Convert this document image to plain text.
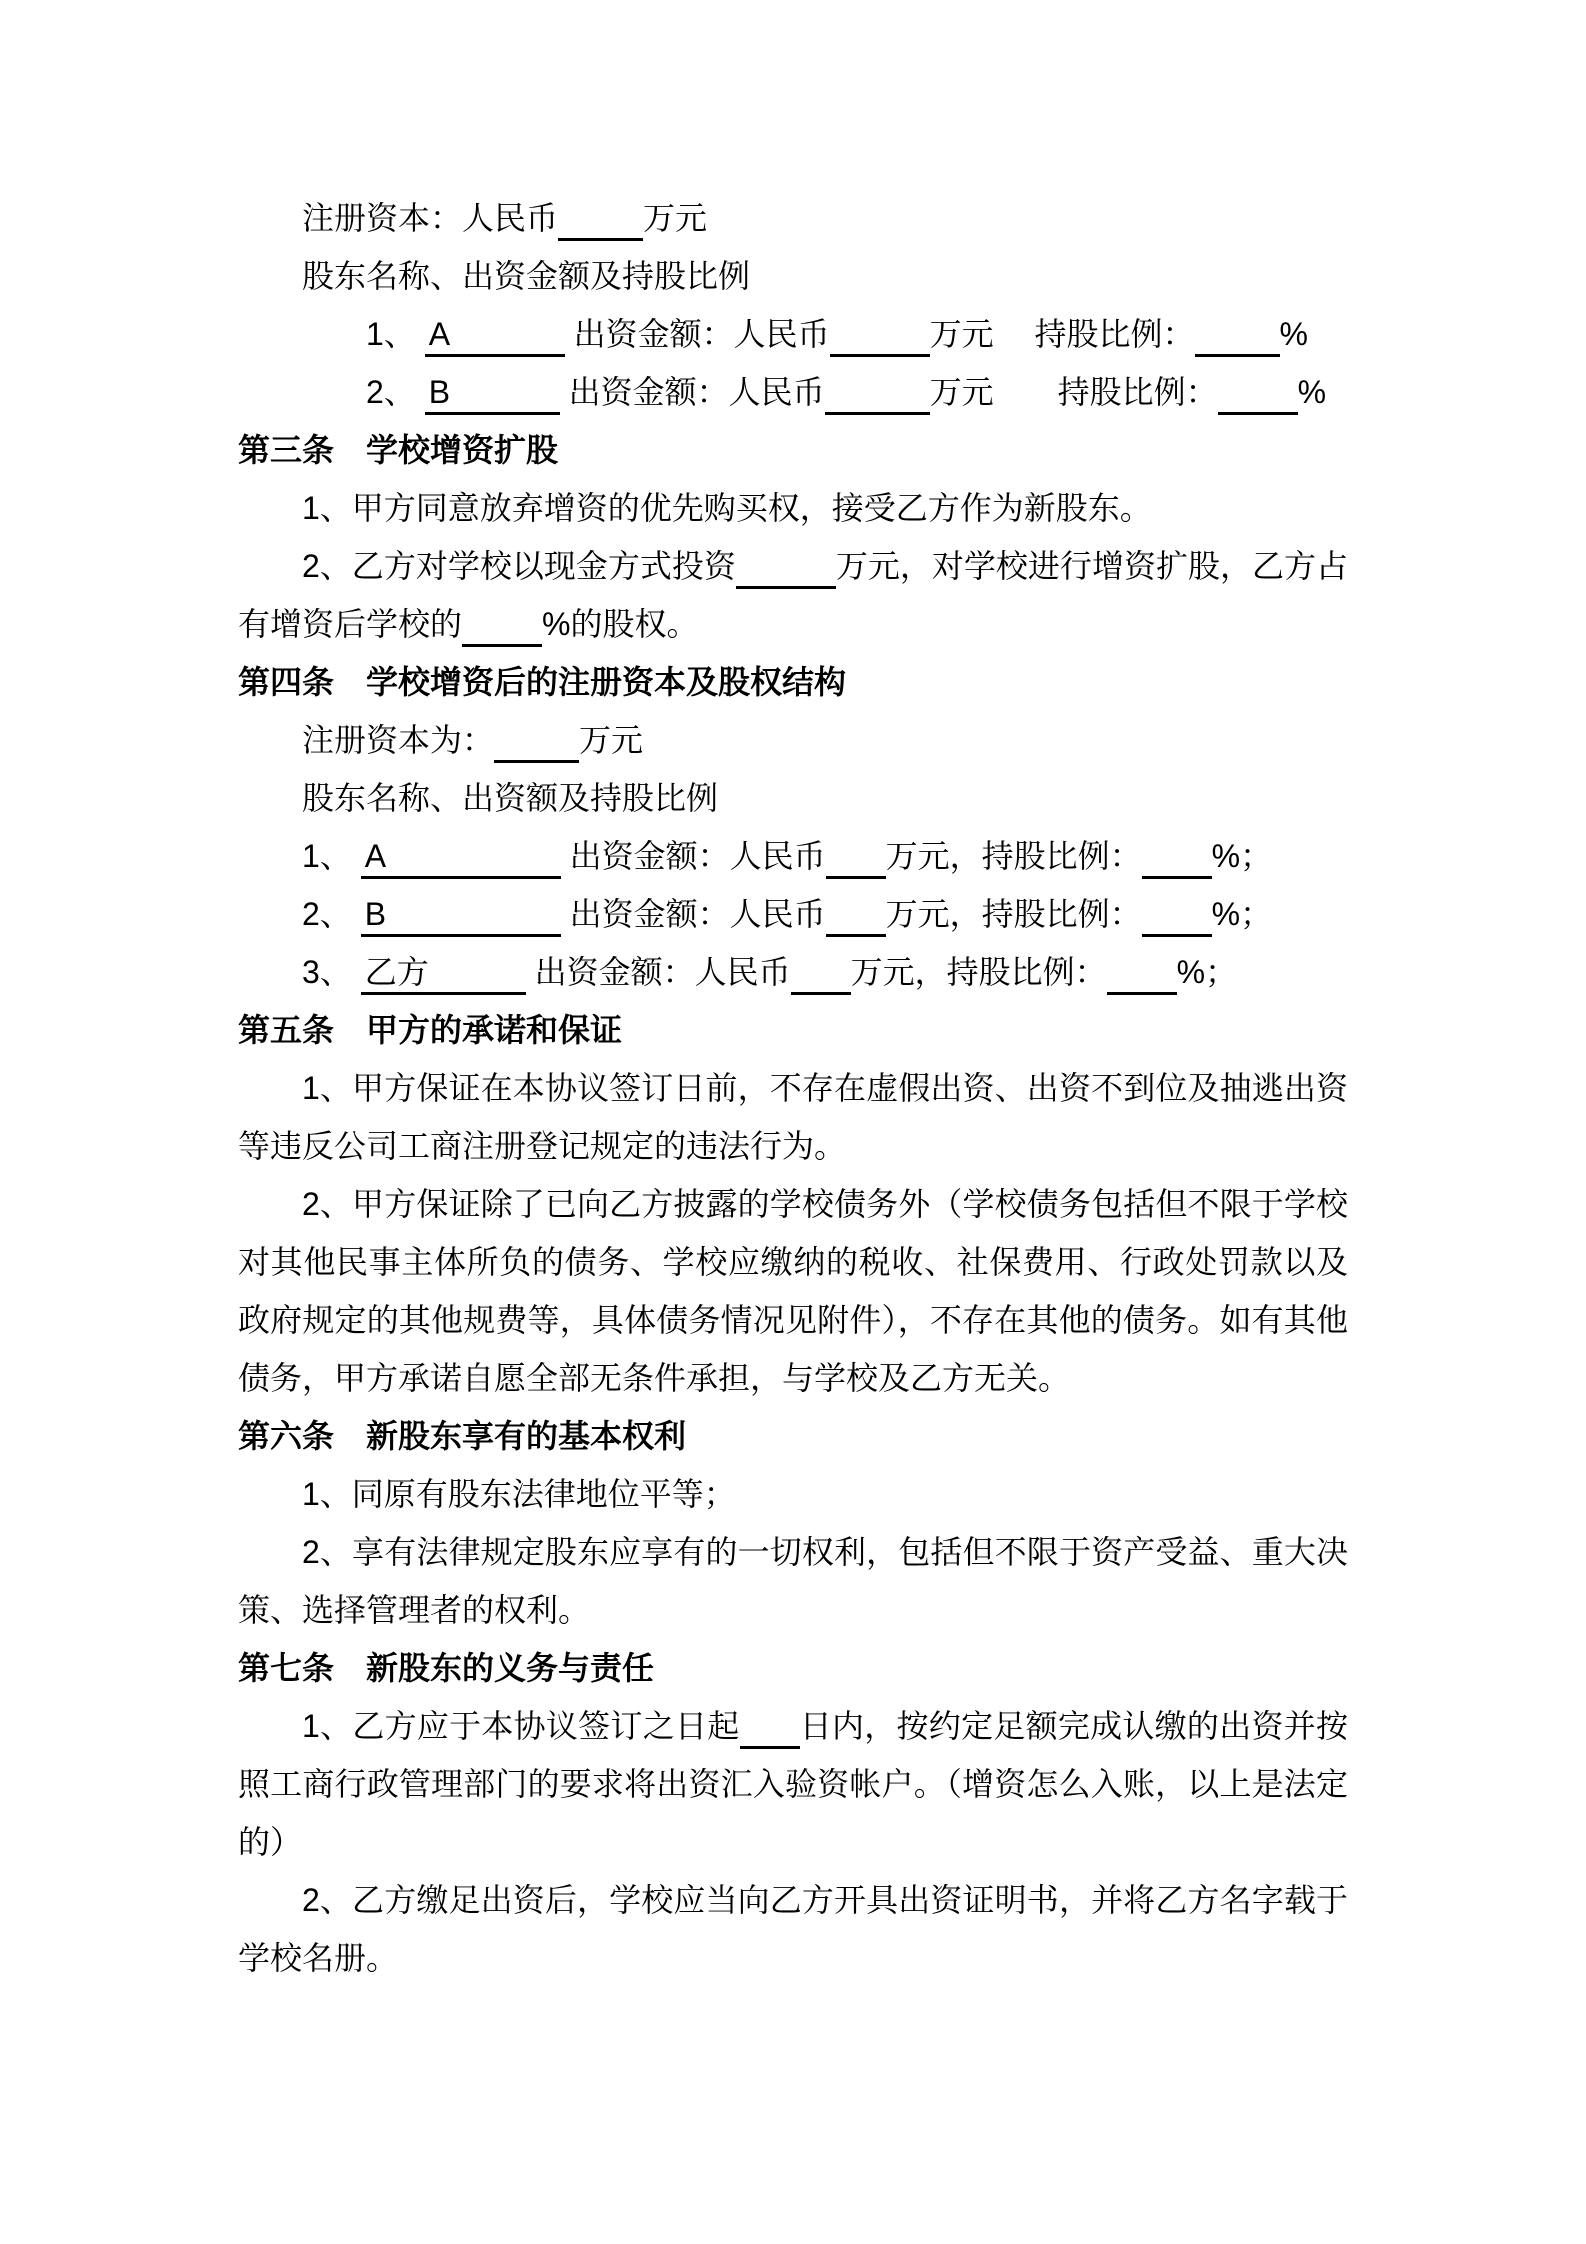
注册资本：人民币	万元

股东名称、出资金额及持股比例

1、 A	出资金额：人民币	万元　 持股比例：	%

2、 B	出资金额：人民币	万元　　持股比例：	%

第三条　学校增资扩股

1、甲方同意放弃增资的优先购买权，接受乙方作为新股东。

2、乙方对学校以现金方式投资	万元，对学校进行增资扩股，乙方占有增资后学校的	%的股权。

第四条　学校增资后的注册资本及股权结构

注册资本为：	万元

股东名称、出资额及持股比例

1、 A	出资金额：人民币 万元，持股比例： %；

2、 B	出资金额：人民币 万元，持股比例： %；

3、 乙方	出资金额：人民币 万元，持股比例： %；

第五条　甲方的承诺和保证

1、甲方保证在本协议签订日前，不存在虚假出资、出资不到位及抽逃出资等违反公司工商注册登记规定的违法行为。

2、甲方保证除了已向乙方披露的学校债务外（学校债务包括但不限于学校对其他民事主体所负的债务、学校应缴纳的税收、社保费用、行政处罚款以及政府规定的其他规费等，具体债务情况见附件），不存在其他的债务。如有其他债务，甲方承诺自愿全部无条件承担，与学校及乙方无关。

第六条　新股东享有的基本权利

1、同原有股东法律地位平等；

2、享有法律规定股东应享有的一切权利，包括但不限于资产受益、重大决策、选择管理者的权利。

第七条　新股东的义务与责任

1、乙方应于本协议签订之日起 日内，按约定足额完成认缴的出资并按照工商行政管理部门的要求将出资汇入验资帐户。（增资怎么入账，以上是法定的）

2、乙方缴足出资后，学校应当向乙方开具出资证明书，并将乙方名字载于学校名册。
